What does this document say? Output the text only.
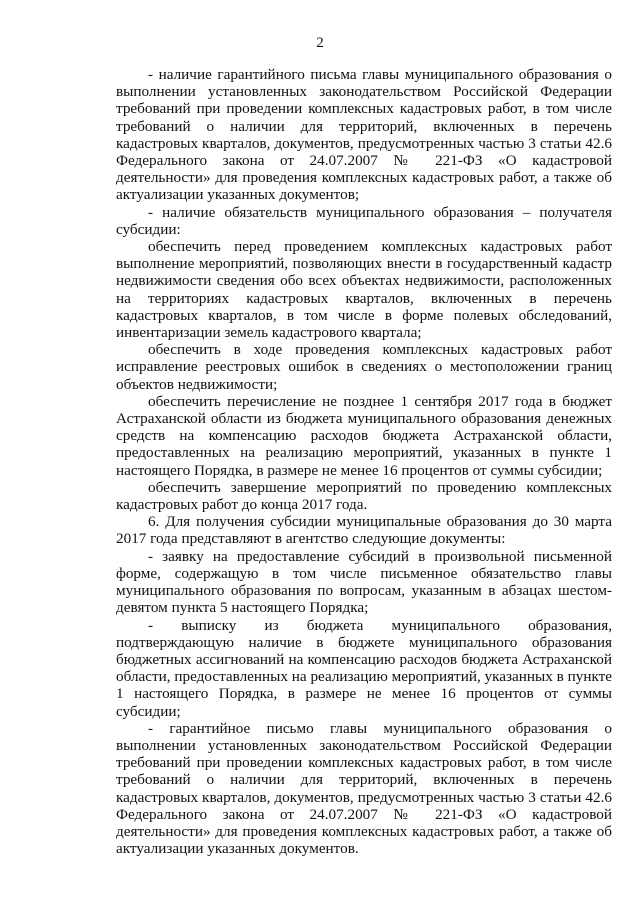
2

- наличие гарантийного письма главы муниципального образования о выполнении установленных законодательством Российской Федерации требований при проведении комплексных кадастровых работ, в том числе требований о наличии для территорий, включенных в перечень кадастровых кварталов, документов, предусмотренных частью 3 статьи 42.6 Федерального закона от 24.07.2007 № 221-ФЗ «О кадастровой деятельности» для проведения комплексных кадастровых работ, а также об актуализации указанных документов;

- наличие обязательств муниципального образования – получателя субсидии:

обеспечить перед проведением комплексных кадастровых работ выполнение мероприятий, позволяющих внести в государственный кадастр недвижимости сведения обо всех объектах недвижимости, расположенных на территориях кадастровых кварталов, включенных в перечень кадастровых кварталов, в том числе в форме полевых обследований, инвентаризации земель кадастрового квартала;

обеспечить в ходе проведения комплексных кадастровых работ исправление реестровых ошибок в сведениях о местоположении границ объектов недвижимости;

обеспечить перечисление не позднее 1 сентября 2017 года в бюджет Астраханской области из бюджета муниципального образования денежных средств на компенсацию расходов бюджета Астраханской области, предоставленных на реализацию мероприятий, указанных в пункте 1 настоящего Порядка, в размере не менее 16 процентов от суммы субсидии;

обеспечить завершение мероприятий по проведению комплексных кадастровых работ до конца 2017 года.

6. Для получения субсидии муниципальные образования до 30 марта 2017 года представляют в агентство следующие документы:

- заявку на предоставление субсидий в произвольной письменной форме, содержащую в том числе письменное обязательство главы муниципального образования по вопросам, указанным в абзацах шестом-девятом пункта 5 настоящего Порядка;

- выписку из бюджета муниципального образования, подтверждающую наличие в бюджете муниципального образования бюджетных ассигнований на компенсацию расходов бюджета Астраханской области, предоставленных на реализацию мероприятий, указанных в пункте 1 настоящего Порядка, в размере не менее 16 процентов от суммы субсидии;

- гарантийное письмо главы муниципального образования о выполнении установленных законодательством Российской Федерации требований при проведении комплексных кадастровых работ, в том числе требований о наличии для территорий, включенных в перечень кадастровых кварталов, документов, предусмотренных частью 3 статьи 42.6 Федерального закона от 24.07.2007 № 221-ФЗ «О кадастровой деятельности» для проведения комплексных кадастровых работ, а также об актуализации указанных документов.
